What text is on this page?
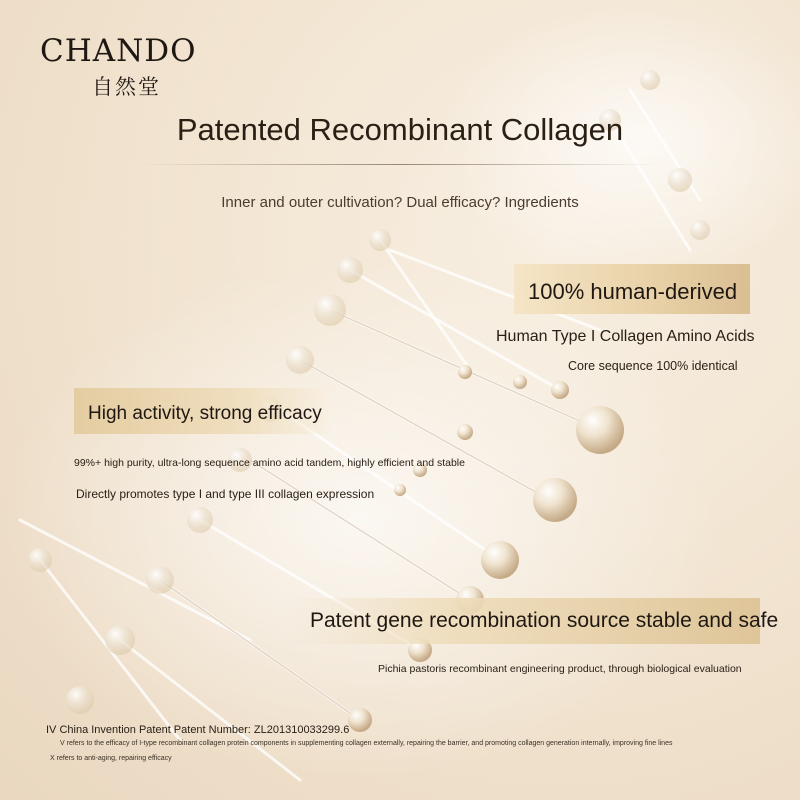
CHANDO
自然堂
Patented Recombinant Collagen
Inner and outer cultivation? Dual efficacy? Ingredients
100% human-derived
Human Type I Collagen Amino Acids
Core sequence 100% identical
High activity, strong efficacy
99%+ high purity, ultra-long sequence amino acid tandem, highly efficient and stable
Directly promotes type I and type III collagen expression
Patent gene recombination source stable and safe
Pichia pastoris recombinant engineering product, through biological evaluation
IV China Invention Patent Patent Number: ZL201310033299.6
V refers to the efficacy of I-type recombinant collagen protein components in supplementing collagen externally, repairing the barrier, and promoting collagen generation internally, improving fine lines
X refers to anti-aging, repairing efficacy
